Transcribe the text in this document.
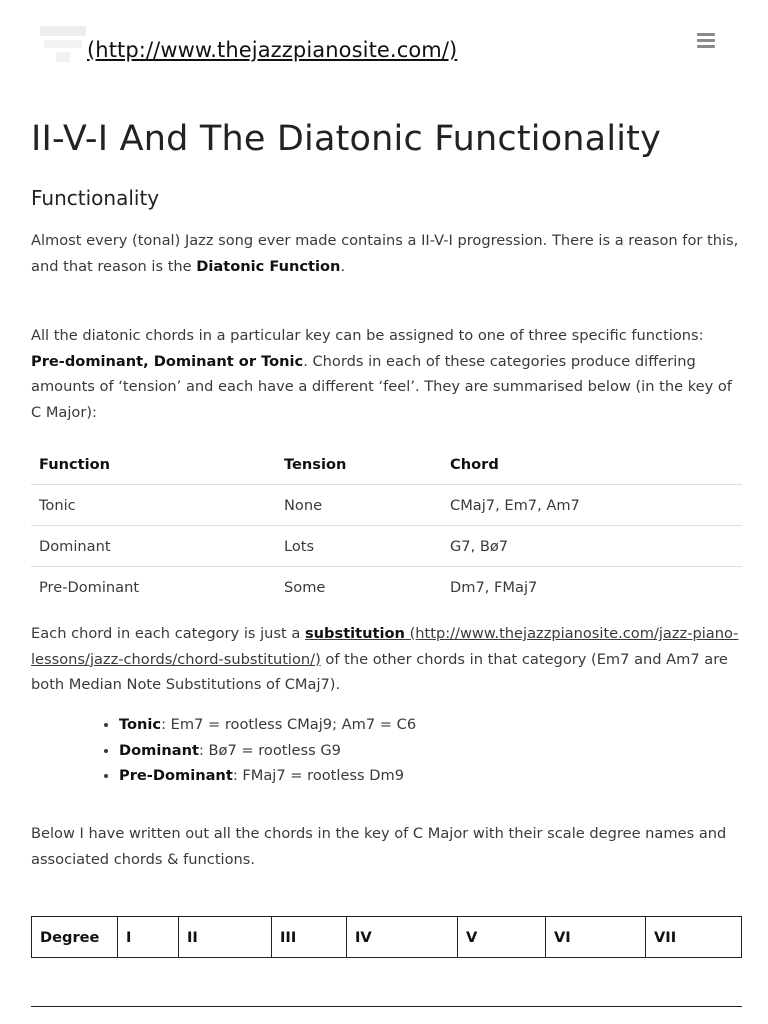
(http://www.thejazzpianosite.com/)
II-V-I And The Diatonic Functionality
Functionality

Almost every (tonal) Jazz song ever made contains a II-V-I progression. There is a reason for this, and that reason is the Diatonic Function.

All the diatonic chords in a particular key can be assigned to one of three specific functions: Pre-dominant, Dominant or Tonic. Chords in each of these categories produce differing amounts of ‘tension’ and each have a different ‘feel’. They are summarised below (in the key of C Major):

Function	Tension	Chord
Tonic	None	CMaj7, Em7, Am7
Dominant	Lots	G7, Bø7
Pre-Dominant	Some	Dm7, FMaj7

Each chord in each category is just a substitution (http://www.thejazzpianosite.com/jazz-piano-lessons/jazz-chords/chord-substitution/) of the other chords in that category (Em7 and Am7 are both Median Note Substitutions of CMaj7).

• Tonic: Em7 = rootless CMaj9; Am7 = C6
• Dominant: Bø7 = rootless G9
• Pre-Dominant: FMaj7 = rootless Dm9

Below I have written out all the chords in the key of C Major with their scale degree names and associated chords & functions.

Degree	I	II	III	IV	V	VI	VII
